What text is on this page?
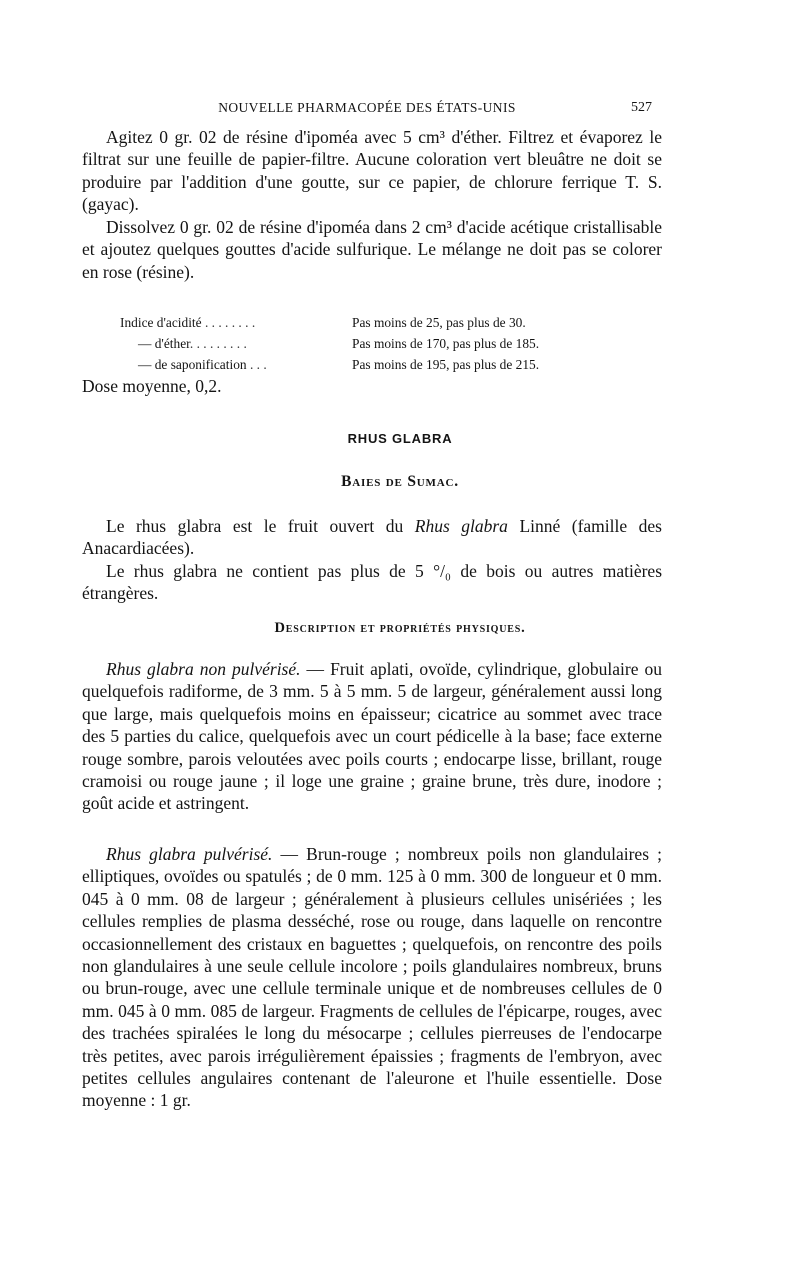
NOUVELLE PHARMACOPÉE DES ÉTATS-UNIS	527

Agitez 0 gr. 02 de résine d'ipoméa avec 5 cm³ d'éther. Filtrez et évaporez le filtrat sur une feuille de papier-filtre. Aucune coloration vert bleuâtre ne doit se produire par l'addition d'une goutte, sur ce papier, de chlorure ferrique T. S. (gayac).

Dissolvez 0 gr. 02 de résine d'ipoméa dans 2 cm³ d'acide acétique cristallisable et ajoutez quelques gouttes d'acide sulfurique. Le mélange ne doit pas se colorer en rose (résine).

Indice d'acidité . . . . . . . .	Pas moins de 25, pas plus de 30.
— d'éther. . . . . . . . .	Pas moins de 170, pas plus de 185.
— de saponification . . .	Pas moins de 195, pas plus de 215.

Dose moyenne, 0,2.

RHUS GLABRA
Baies de Sumac.

Le rhus glabra est le fruit ouvert du Rhus glabra Linné (famille des Anacardiacées).

Le rhus glabra ne contient pas plus de 5 °/₀ de bois ou autres matières étrangères.

Description et propriétés physiques.

Rhus glabra non pulvérisé. — Fruit aplati, ovoïde, cylindrique, globulaire ou quelquefois radiforme, de 3 mm. 5 à 5 mm. 5 de largeur, généralement aussi long que large, mais quelquefois moins en épaisseur; cicatrice au sommet avec trace des 5 parties du calice, quelquefois avec un court pédicelle à la base; face externe rouge sombre, parois veloutées avec poils courts ; endocarpe lisse, brillant, rouge cramoisi ou rouge jaune ; il loge une graine ; graine brune, très dure, inodore ; goût acide et astringent.

Rhus glabra pulvérisé. — Brun-rouge ; nombreux poils non glandulaires ; elliptiques, ovoïdes ou spatulés ; de 0 mm. 125 à 0 mm. 300 de longueur et 0 mm. 045 à 0 mm. 08 de largeur ; généralement à plusieurs cellules unisériées ; les cellules remplies de plasma desséché, rose ou rouge, dans laquelle on rencontre occasionnellement des cristaux en baguettes ; quelquefois, on rencontre des poils non glandulaires à une seule cellule incolore ; poils glandulaires nombreux, bruns ou brun-rouge, avec une cellule terminale unique et de nombreuses cellules de 0 mm. 045 à 0 mm. 085 de largeur. Fragments de cellules de l'épicarpe, rouges, avec des trachées spiralées le long du mésocarpe ; cellules pierreuses de l'endocarpe très petites, avec parois irrégulièrement épaissies ; fragments de l'embryon, avec petites cellules angulaires contenant de l'aleurone et l'huile essentielle. Dose moyenne : 1 gr.
